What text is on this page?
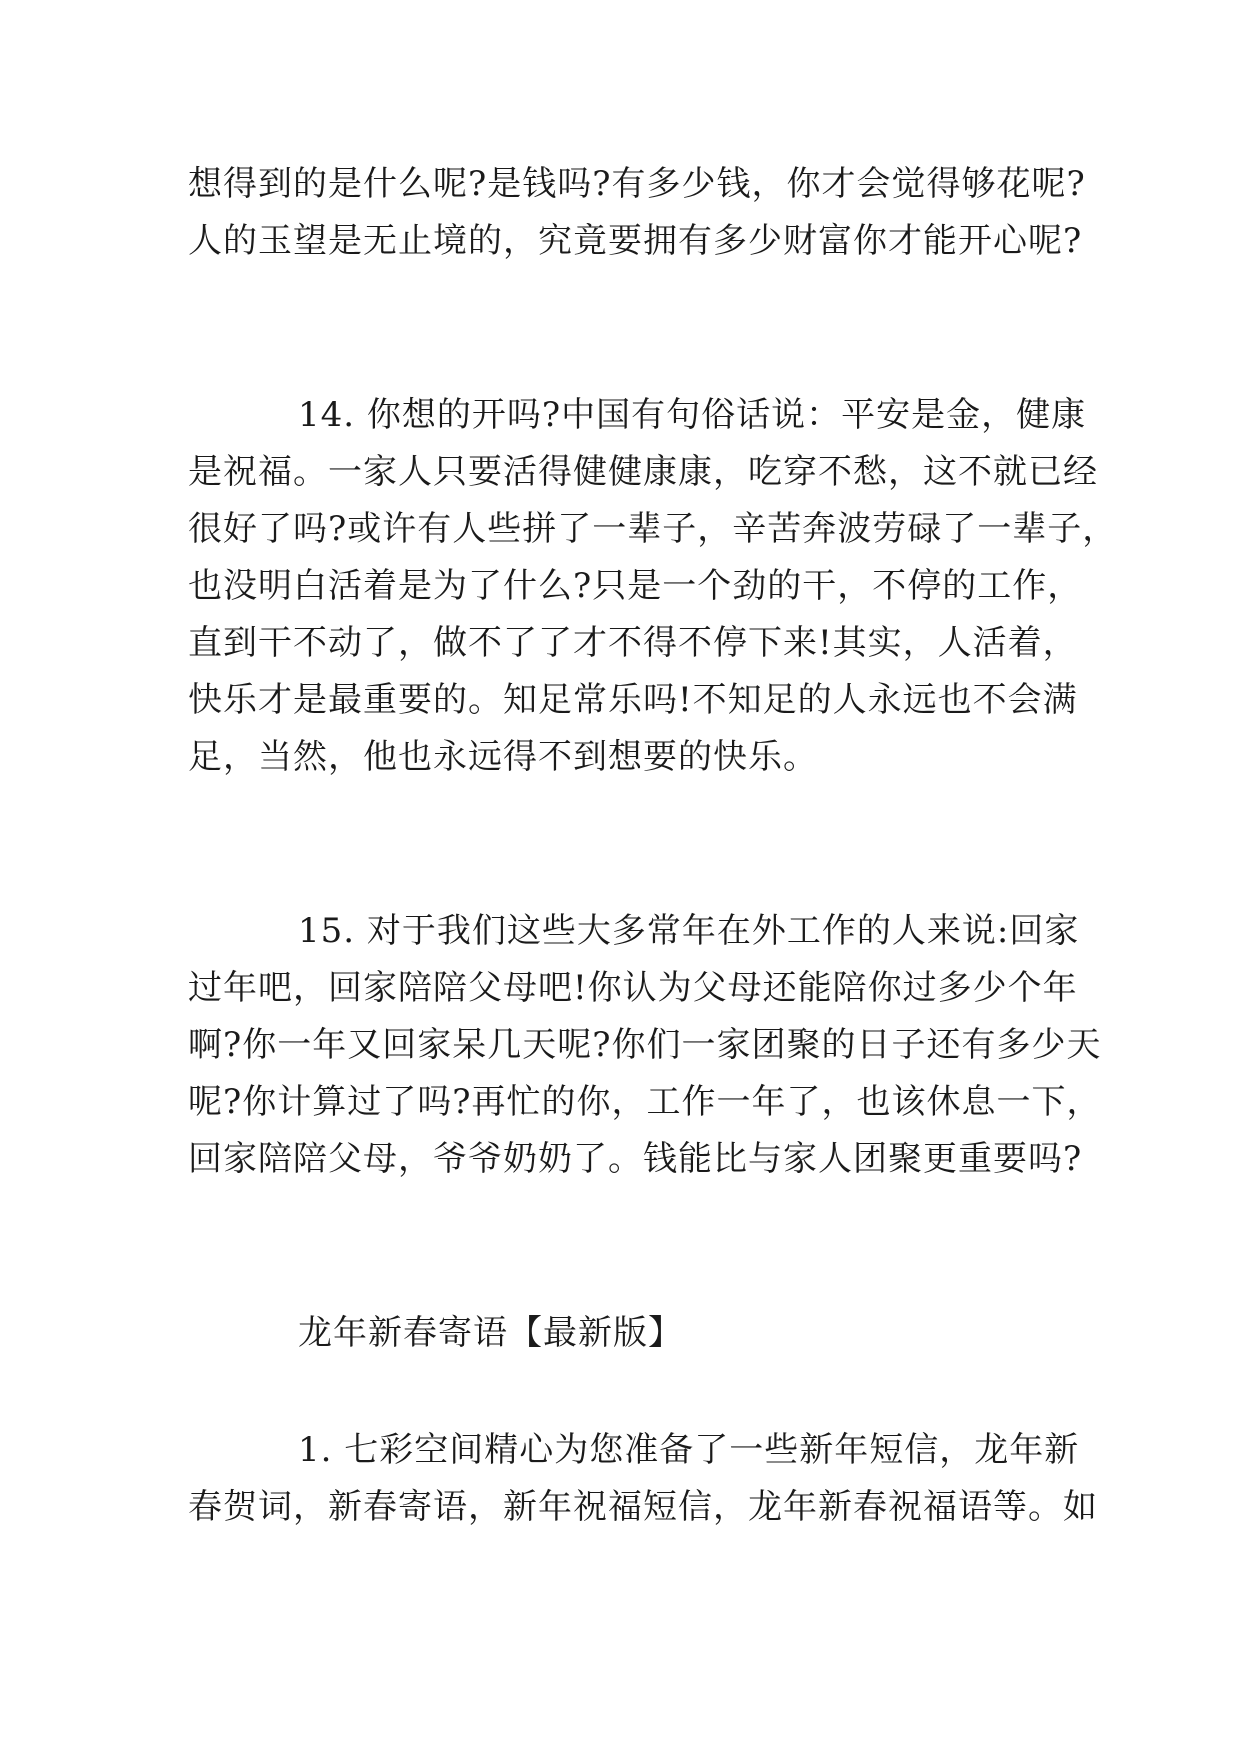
想得到的是什么呢?是钱吗?有多少钱，你才会觉得够花呢?
人的玉望是无止境的，究竟要拥有多少财富你才能开心呢?
14. 你想的开吗?中国有句俗话说：平安是金，健康
是祝福。一家人只要活得健健康康，吃穿不愁，这不就已经
很好了吗?或许有人些拼了一辈子，辛苦奔波劳碌了一辈子，
也没明白活着是为了什么?只是一个劲的干，不停的工作，
直到干不动了，做不了了才不得不停下来!其实，人活着，
快乐才是最重要的。知足常乐吗!不知足的人永远也不会满
足，当然，他也永远得不到想要的快乐。
15. 对于我们这些大多常年在外工作的人来说:回家
过年吧，回家陪陪父母吧!你认为父母还能陪你过多少个年
啊?你一年又回家呆几天呢?你们一家团聚的日子还有多少天
呢?你计算过了吗?再忙的你，工作一年了，也该休息一下，
回家陪陪父母，爷爷奶奶了。钱能比与家人团聚更重要吗?
龙年新春寄语【最新版】
1. 七彩空间精心为您准备了一些新年短信，龙年新
春贺词，新春寄语，新年祝福短信，龙年新春祝福语等。如
